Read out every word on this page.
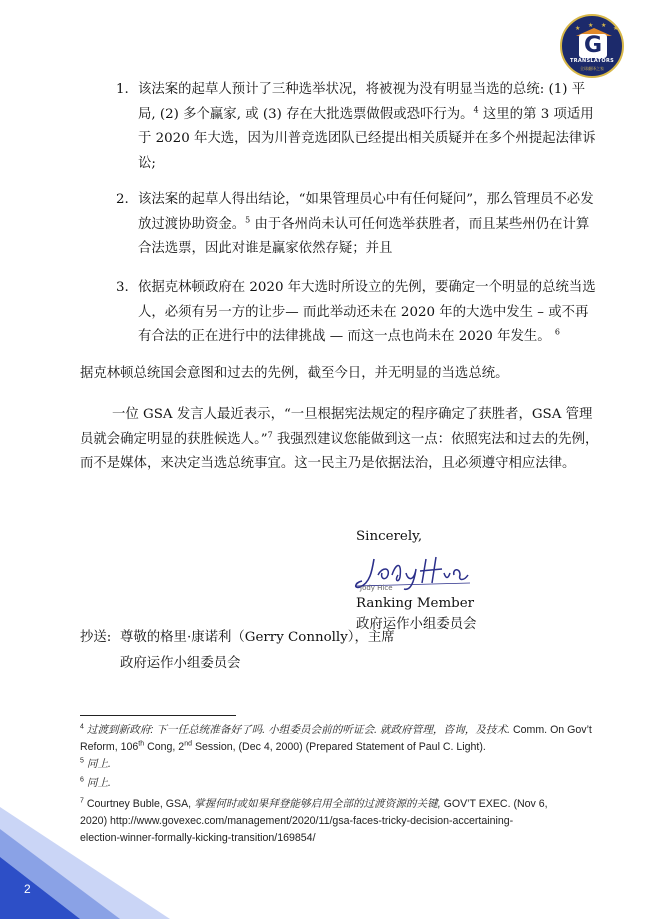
★ ★ ★ ★
G
TRANSLATORS
全球翻译之家
1. 该法案的起草人预计了三种选举状况，将被视为没有明显当选的总统: (1) 平局, (2) 多个赢家, 或 (3) 存在大批选票做假或恐吓行为。$^4$ 这里的第 3 项适用于 2020 年大选，因为川普竞选团队已经提出相关质疑并在多个州提起法律诉讼;
2. 该法案的起草人得出结论，“如果管理员心中有任何疑问”，那么管理员不必发放过渡协助资金。$^5$ 由于各州尚未认可任何选举获胜者，而且某些州仍在计算合法选票，因此对谁是赢家依然存疑；并且
3. 依据克林顿政府在 2020 年大选时所设立的先例，要确定一个明显的总统当选人，必须有另一方的让步— 而此举动还未在 2020 年的大选中发生 – 或不再有合法的正在进行中的法律挑战 — 而这一点也尚未在 2020 年发生。 $^6$
据克林顿总统国会意图和过去的先例，截至今日，并无明显的当选总统。
一位 GSA 发言人最近表示，“一旦根据宪法规定的程序确定了获胜者，GSA 管理员就会确定明显的获胜候选人。”$^7$ 我强烈建议您能做到这一点：依照宪法和过去的先例，而不是媒体，来决定当选总统事宜。这一民主乃是依据法治，且必须遵守相应法律。
Sincerely,
Jody Hice
Ranking Member
政府运作小组委员会
抄送: 尊敬的格里·康诺利（Gerry Connolly），主席
政府运作小组委员会
$^4$ 过渡到新政府: 下一任总统准备好了吗. 小组委员会前的听证会. 就政府管理，咨询，及技术. Comm. On Gov’t Reform, 106th Cong, 2nd Session, (Dec 4, 2000) (Prepared Statement of Paul C. Light).
$^5$ 同上.
$^6$ 同上.
$^7$ Courtney Buble, GSA, 掌握何时或如果拜登能够启用全部的过渡资源的关键, GOV’T EXEC. (Nov 6,
2020) http://www.govexec.com/management/2020/11/gsa-faces-tricky-decision-accertaining-
election-winner-formally-kicking-transition/169854/
2
